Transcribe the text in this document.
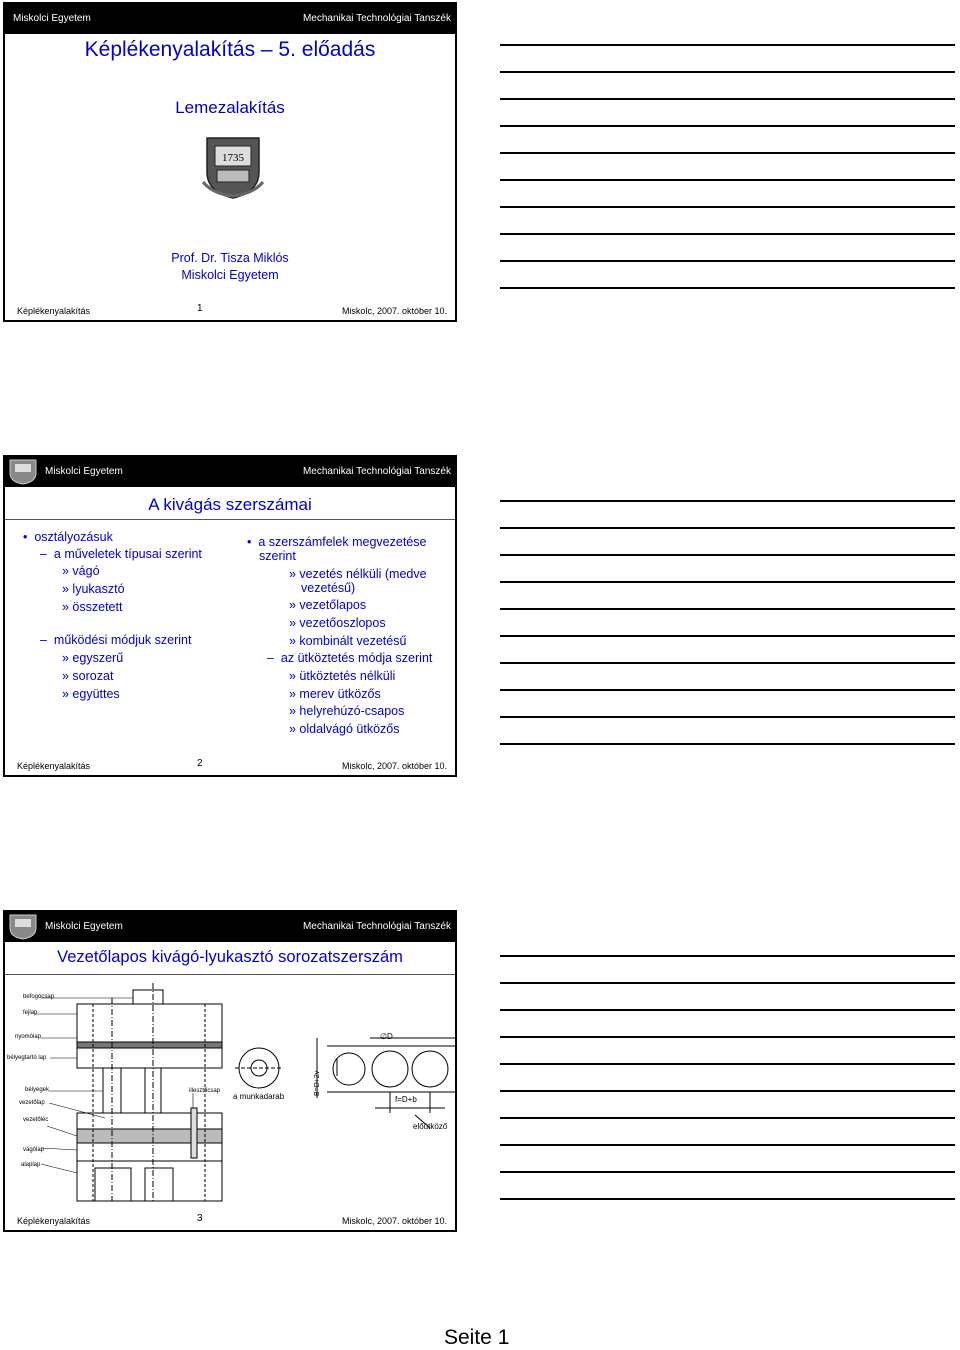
Miskolci Egyetem	Mechanikai Technológiai Tanszék
Képlékenyalakítás – 5. előadás
Lemezalakítás
1735
Prof. Dr. Tisza Miklós
Miskolci Egyetem
Képlékenyalakítás	1	Miskolc, 2007. október 10.
Miskolci Egyetem	Mechanikai Technológiai Tanszék
A kivágás szerszámai
•  osztályozásuk
–  a műveletek típusai szerint
» vágó
» lyukasztó
» összetett
–  működési módjuk szerint
» egyszerű
» sorozat
» együttes
•  a szerszámfelek megvezetése
szerint
» vezetés nélküli (medve
vezetésű)
» vezetőlapos
» vezetőoszlopos
» kombinált vezetésű
–  az ütköztetés módja szerint
» ütköztetés nélküli
» merev ütközős
» helyrehúzó-csapos
» oldalvágó ütközős
Képlékenyalakítás	2	Miskolc, 2007. október 10.
Miskolci Egyetem	Mechanikai Technológiai Tanszék
Vezetőlapos kivágó-lyukasztó sorozatszerszám
B=D+2v
befogócsap
fejlap
nyomólap
bélyegtartó lap
bélyegek
vezetőlap
vezetőléc
vágólap
alaplap
illesztőcsap
a munkadarab
∅D
f=D+b
előütköző
Képlékenyalakítás	3	Miskolc, 2007. október 10.
Seite 1
